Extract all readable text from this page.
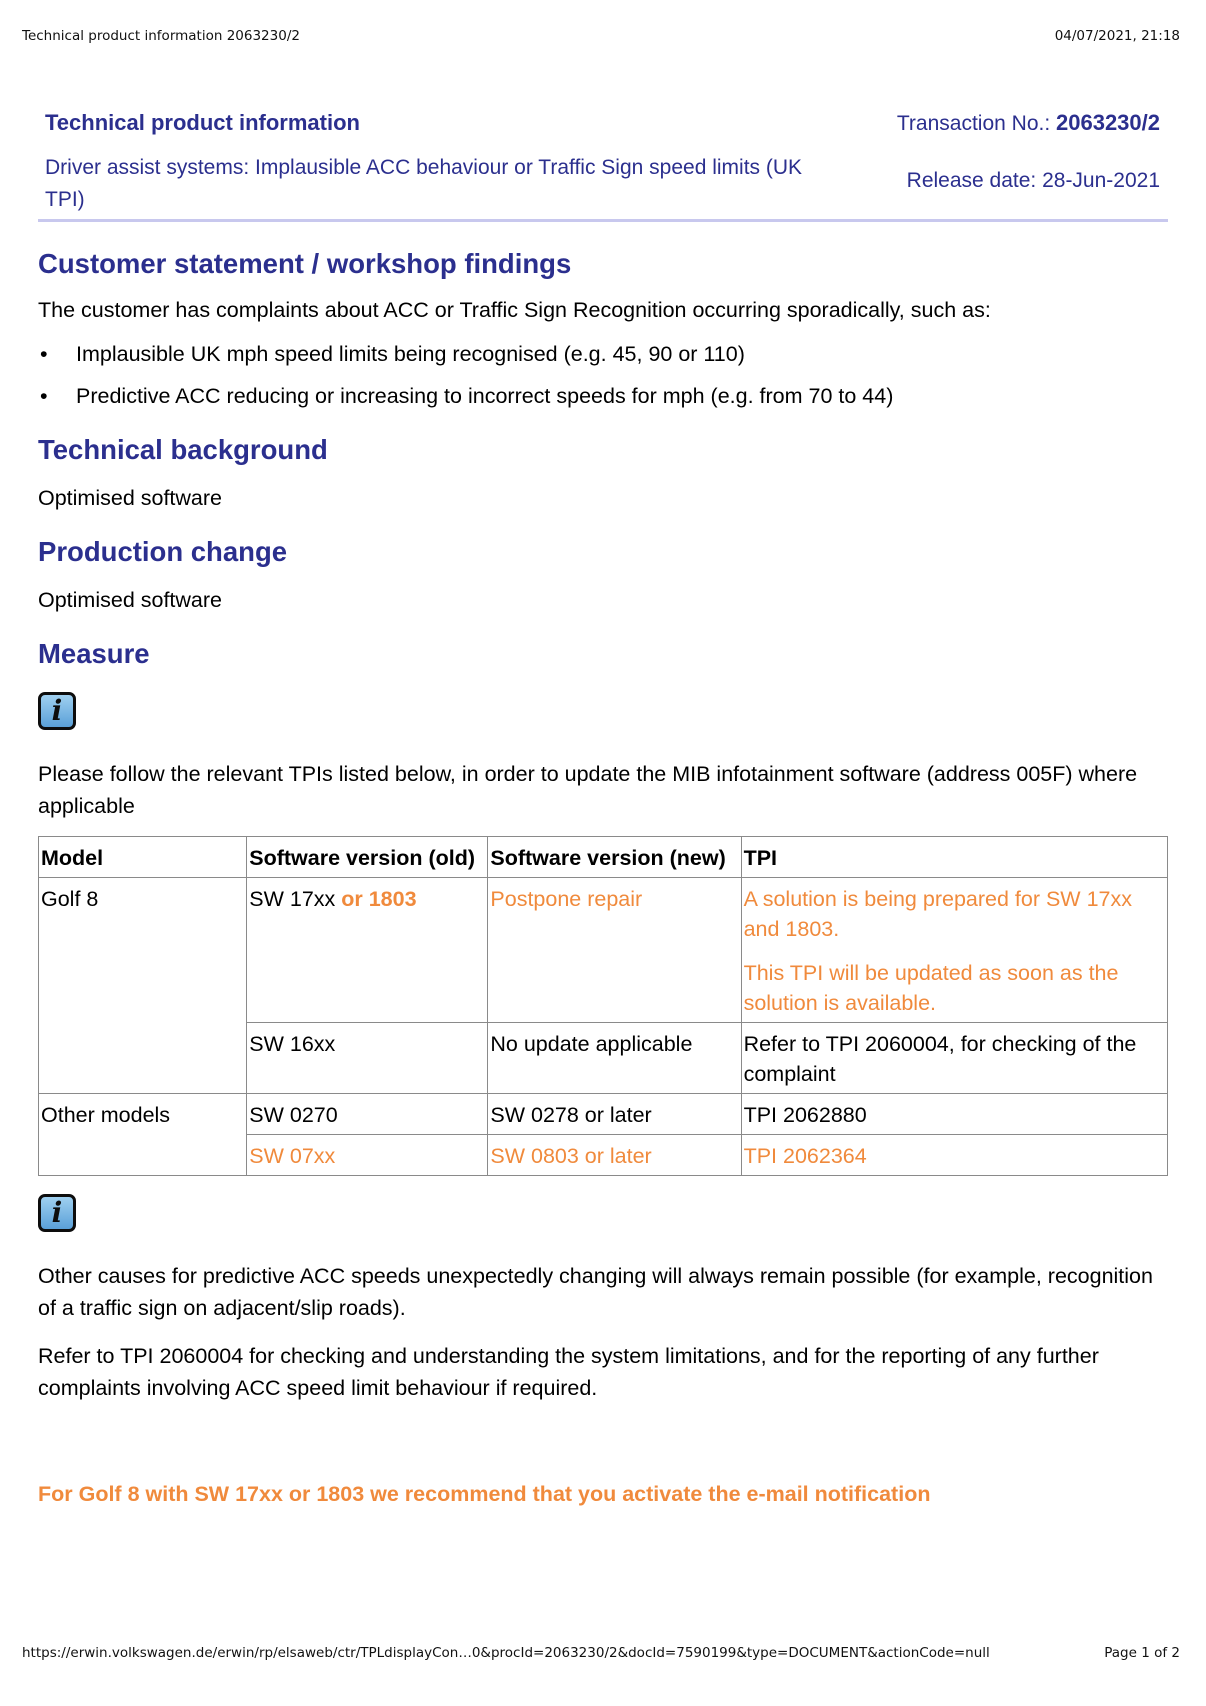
Technical product information 2063230/2	04/07/2021, 21:18
Technical product information
Driver assist systems: Implausible ACC behaviour or Traffic Sign speed limits (UK TPI)
Transaction No.: 2063230/2
Release date: 28-Jun-2021
Customer statement / workshop findings

The customer has complaints about ACC or Traffic Sign Recognition occurring sporadically, such as:

• Implausible UK mph speed limits being recognised (e.g. 45, 90 or 110)
• Predictive ACC reducing or increasing to incorrect speeds for mph (e.g. from 70 to 44)
Technical background

Optimised software

Production change

Optimised software

Measure
i

Please follow the relevant TPIs listed below, in order to update the MIB infotainment software (address 005F) where applicable

Model	Software version (old)	Software version (new)	TPI
Golf 8	SW 17xx or 1803	Postpone repair	A solution is being prepared for SW 17xx and 1803.
This TPI will be updated as soon as the solution is available.

	SW 16xx	No update applicable	Refer to TPI 2060004, for checking of the complaint
Other models	SW 0270	SW 0278 or later	TPI 2062880
	SW 07xx	SW 0803 or later	TPI 2062364
i

Other causes for predictive ACC speeds unexpectedly changing will always remain possible (for example, recognition of a traffic sign on adjacent/slip roads).

Refer to TPI 2060004 for checking and understanding the system limitations, and for the reporting of any further complaints involving ACC speed limit behaviour if required.

For Golf 8 with SW 17xx or 1803 we recommend that you activate the e-mail notification

https://erwin.volkswagen.de/erwin/rp/elsaweb/ctr/TPLdisplayCon…0&procId=2063230/2&docId=7590199&type=DOCUMENT&actionCode=null	Page 1 of 2
